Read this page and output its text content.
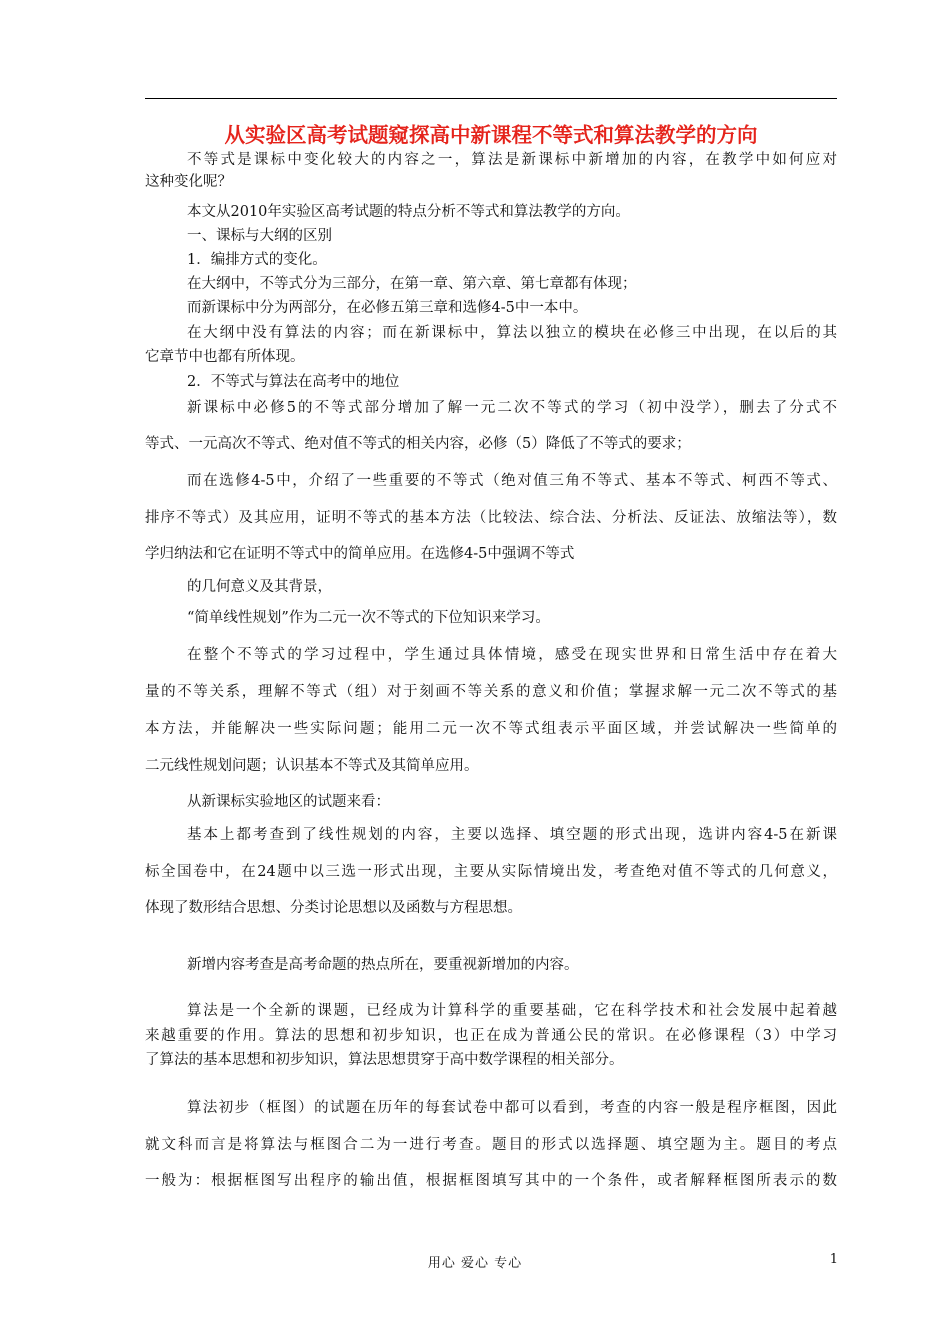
从实验区高考试题窥探高中新课程不等式和算法教学的方向
不等式是课标中变化较大的内容之一，算法是新课标中新增加的内容，在教学中如何应对
这种变化呢？
本文从2010年实验区高考试题的特点分析不等式和算法教学的方向。
一、课标与大纲的区别
1．编排方式的变化。
在大纲中，不等式分为三部分，在第一章、第六章、第七章都有体现；
而新课标中分为两部分，在必修五第三章和选修4-5中一本中。
在大纲中没有算法的内容；而在新课标中，算法以独立的模块在必修三中出现，在以后的其
它章节中也都有所体现。
2．不等式与算法在高考中的地位
新课标中必修5的不等式部分增加了解一元二次不等式的学习（初中没学），删去了分式不
等式、一元高次不等式、绝对值不等式的相关内容，必修（5）降低了不等式的要求；
而在选修4-5中，介绍了一些重要的不等式（绝对值三角不等式、基本不等式、柯西不等式、
排序不等式）及其应用，证明不等式的基本方法（比较法、综合法、分析法、反证法、放缩法等），数
学归纳法和它在证明不等式中的简单应用。在选修4-5中强调不等式
的几何意义及其背景，
“简单线性规划”作为二元一次不等式的下位知识来学习。
在整个不等式的学习过程中，学生通过具体情境，感受在现实世界和日常生活中存在着大
量的不等关系，理解不等式（组）对于刻画不等关系的意义和价值；掌握求解一元二次不等式的基
本方法，并能解决一些实际问题；能用二元一次不等式组表示平面区域，并尝试解决一些简单的
二元线性规划问题；认识基本不等式及其简单应用。
从新课标实验地区的试题来看：
基本上都考查到了线性规划的内容，主要以选择、填空题的形式出现，选讲内容4-5在新课
标全国卷中，在24题中以三选一形式出现，主要从实际情境出发，考查绝对值不等式的几何意义，
体现了数形结合思想、分类讨论思想以及函数与方程思想。
新增内容考查是高考命题的热点所在，要重视新增加的内容。
算法是一个全新的课题，已经成为计算科学的重要基础，它在科学技术和社会发展中起着越
来越重要的作用。算法的思想和初步知识，也正在成为普通公民的常识。在必修课程（3）中学习
了算法的基本思想和初步知识，算法思想贯穿于高中数学课程的相关部分。
算法初步（框图）的试题在历年的每套试卷中都可以看到，考查的内容一般是程序框图，因此
就文科而言是将算法与框图合二为一进行考查。题目的形式以选择题、填空题为主。题目的考点
一般为：根据框图写出程序的输出值，根据框图填写其中的一个条件，或者解释框图所表示的数
用心 爱心 专心	1
